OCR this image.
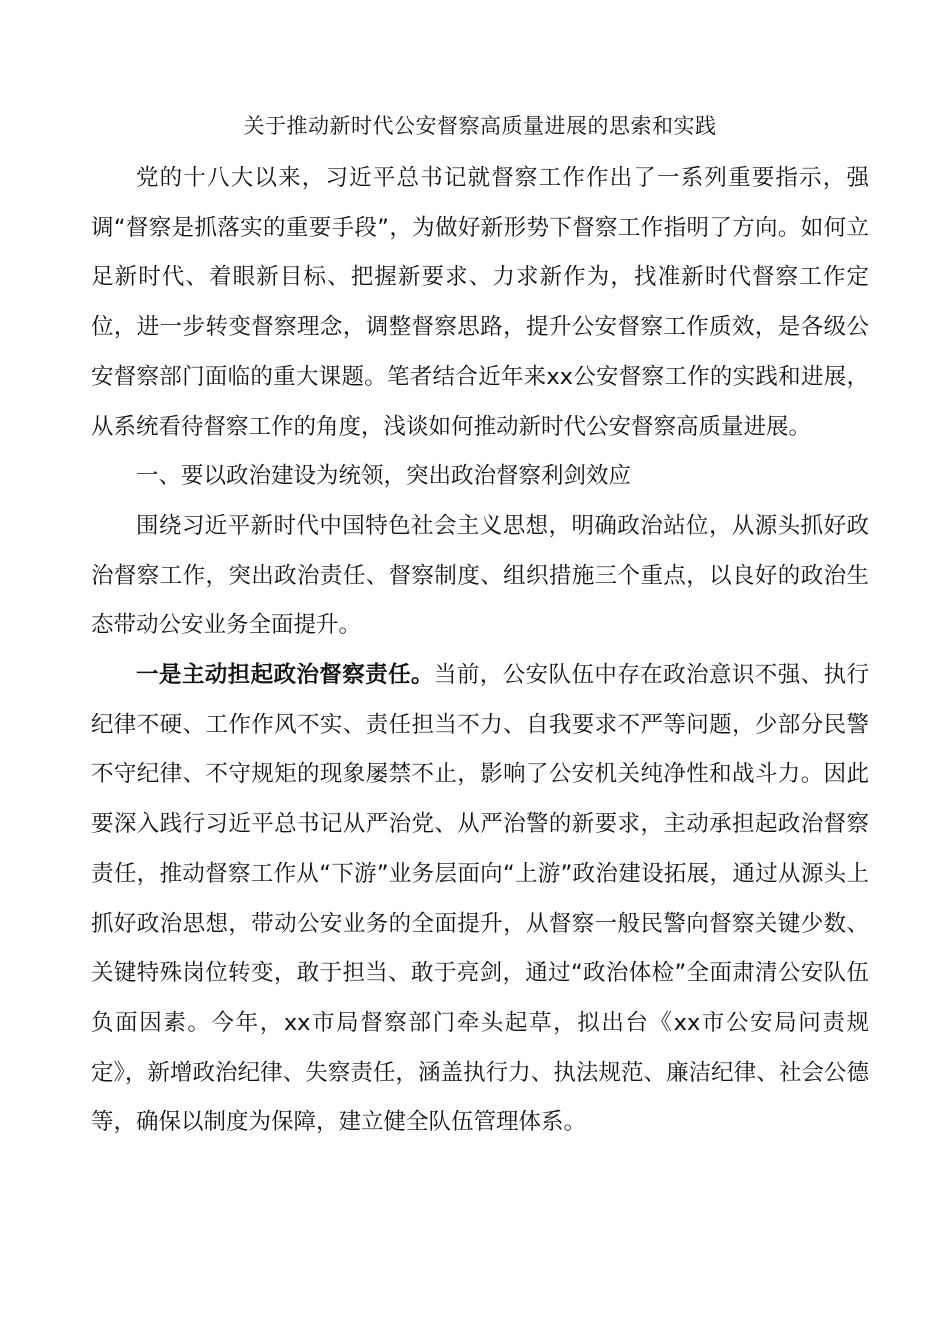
关于推动新时代公安督察高质量进展的思索和实践

党的十八大以来，习近平总书记就督察工作作出了一系列重要指示，强调“督察是抓落实的重要手段”，为做好新形势下督察工作指明了方向。如何立足新时代、着眼新目标、把握新要求、力求新作为，找准新时代督察工作定位，进一步转变督察理念，调整督察思路，提升公安督察工作质效，是各级公安督察部门面临的重大课题。笔者结合近年来xx公安督察工作的实践和进展，从系统看待督察工作的角度，浅谈如何推动新时代公安督察高质量进展。

一、要以政治建设为统领，突出政治督察利剑效应

围绕习近平新时代中国特色社会主义思想，明确政治站位，从源头抓好政治督察工作，突出政治责任、督察制度、组织措施三个重点，以良好的政治生态带动公安业务全面提升。

一是主动担起政治督察责任。当前，公安队伍中存在政治意识不强、执行纪律不硬、工作作风不实、责任担当不力、自我要求不严等问题，少部分民警不守纪律、不守规矩的现象屡禁不止，影响了公安机关纯净性和战斗力。因此要深入践行习近平总书记从严治党、从严治警的新要求，主动承担起政治督察责任，推动督察工作从“下游”业务层面向“上游”政治建设拓展，通过从源头上抓好政治思想，带动公安业务的全面提升，从督察一般民警向督察关键少数、关键特殊岗位转变，敢于担当、敢于亮剑，通过“政治体检”全面肃清公安队伍负面因素。今年，xx市局督察部门牵头起草，拟出台《xx市公安局问责规定》，新增政治纪律、失察责任，涵盖执行力、执法规范、廉洁纪律、社会公德等，确保以制度为保障，建立健全队伍管理体系。
